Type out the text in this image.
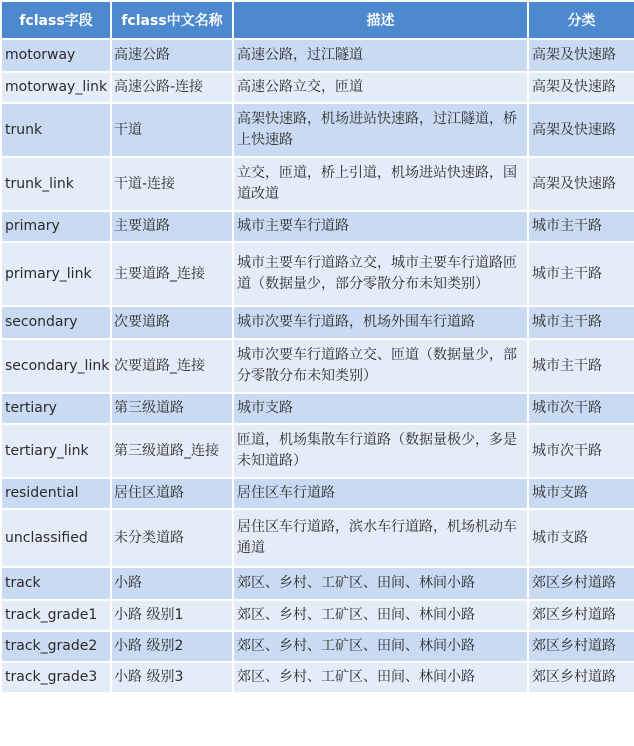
fclass字段	fclass中文名称	描述	分类
motorway	高速公路	高速公路，过江隧道	高架及快速路
motorway_link	高速公路-连接	高速公路立交，匝道	高架及快速路
trunk	干道	高架快速路，机场进站快速路，过江隧道，桥上快速路	高架及快速路
trunk_link	干道-连接	立交，匝道，桥上引道，机场进站快速路，国道改道	高架及快速路
primary	主要道路	城市主要车行道路	城市主干路
primary_link	主要道路_连接	城市主要车行道路立交，城市主要车行道路匝道（数据量少，部分零散分布未知类别）	城市主干路
secondary	次要道路	城市次要车行道路，机场外围车行道路	城市主干路
secondary_link	次要道路_连接	城市次要车行道路立交、匝道（数据量少，部分零散分布未知类别）	城市主干路
tertiary	第三级道路	城市支路	城市次干路
tertiary_link	第三级道路_连接	匝道，机场集散车行道路（数据量极少，多是未知道路）	城市次干路
residential	居住区道路	居住区车行道路	城市支路
unclassified	未分类道路	居住区车行道路，滨水车行道路，机场机动车通道	城市支路
track	小路	郊区、乡村、工矿区、田间、林间小路	郊区乡村道路
track_grade1	小路 级别1	郊区、乡村、工矿区、田间、林间小路	郊区乡村道路
track_grade2	小路 级别2	郊区、乡村、工矿区、田间、林间小路	郊区乡村道路
track_grade3	小路 级别3	郊区、乡村、工矿区、田间、林间小路	郊区乡村道路
